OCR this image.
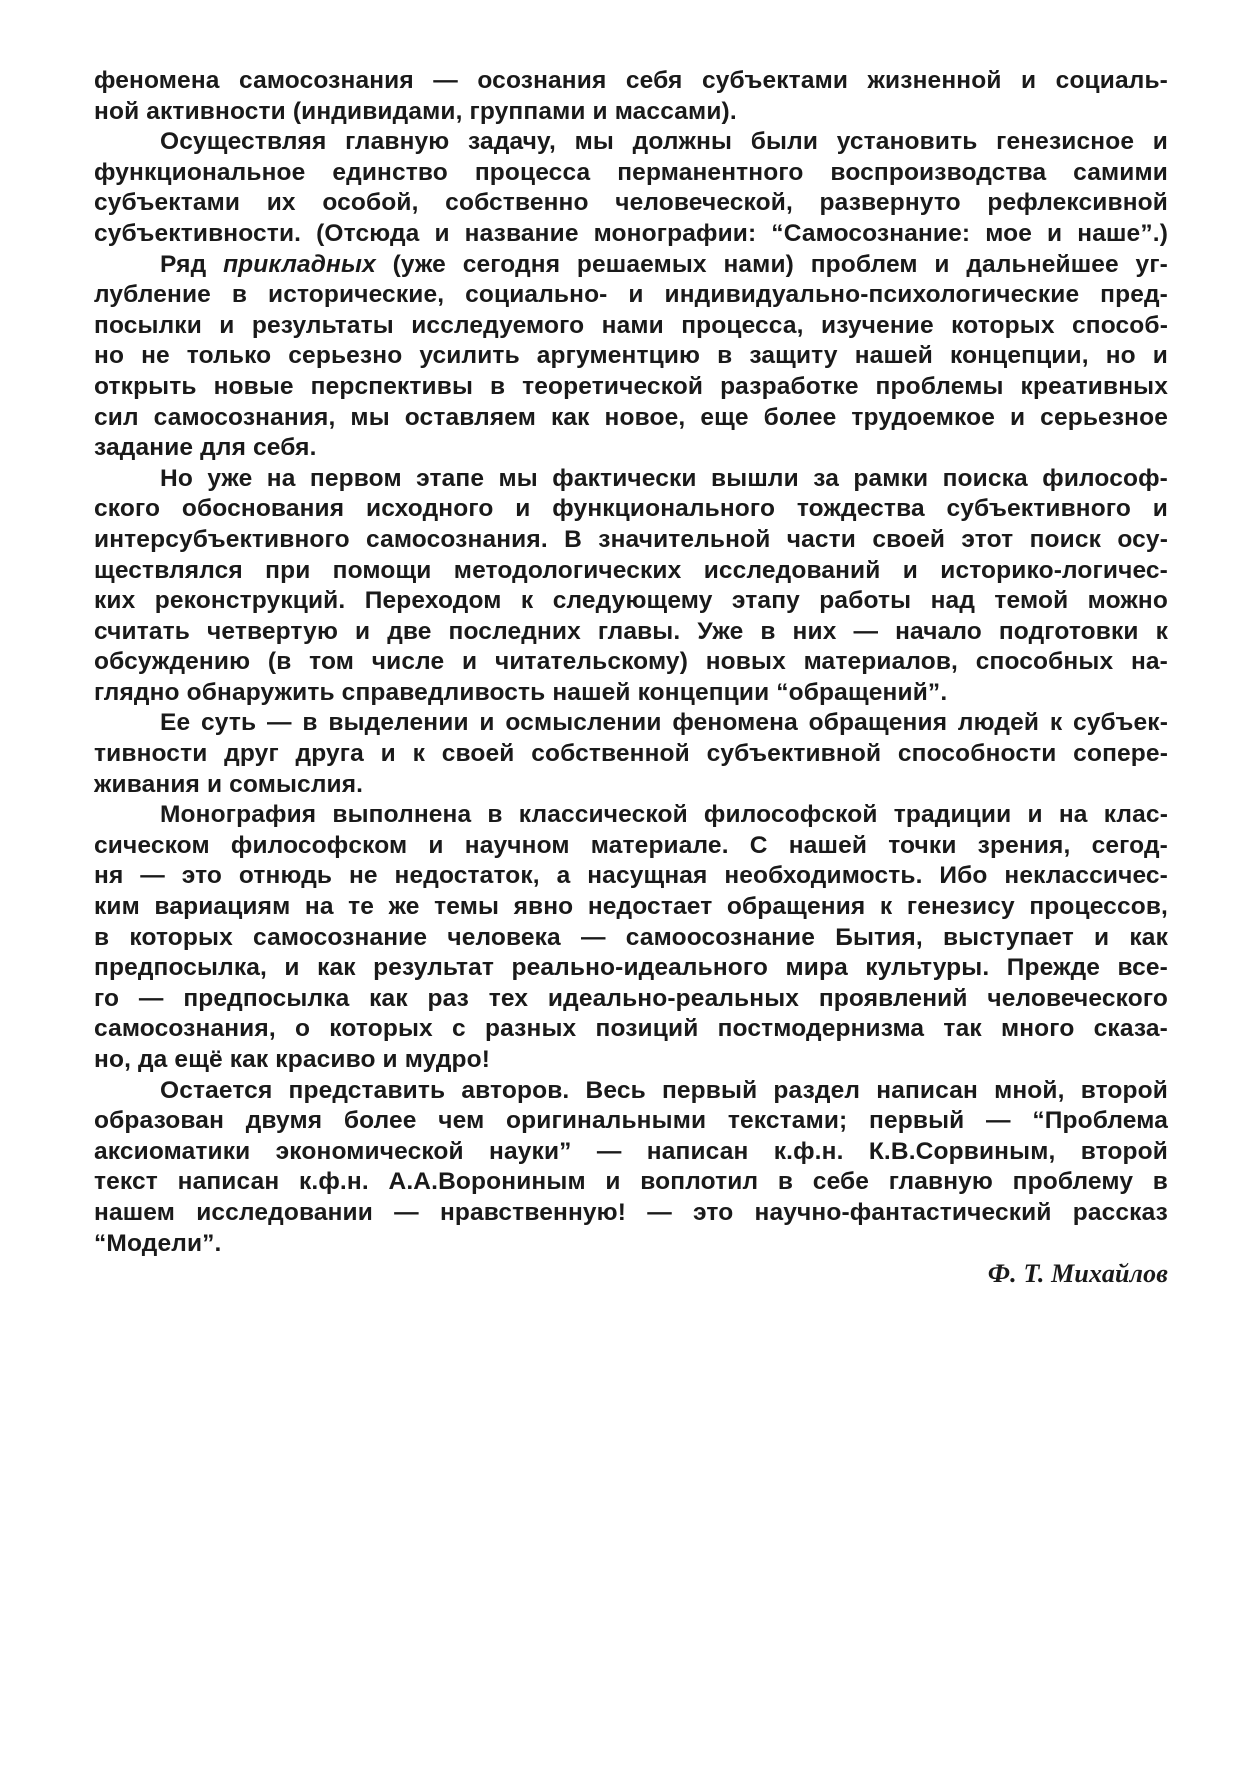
феномена самосознания — осознания себя субъектами жизненной и социаль-
ной активности (индивидами, группами и массами).
Осуществляя главную задачу, мы должны были установить генезисное и
функциональное единство процесса перманентного воспроизводства самими
субъектами их особой, собственно человеческой, развернуто рефлексивной
субъективности. (Отсюда и название монографии: “Самосознание: мое и наше”.)
Ряд прикладных (уже сегодня решаемых нами) проблем и дальнейшее уг-
лубление в исторические, социально- и индивидуально-психологические пред-
посылки и результаты исследуемого нами процесса, изучение которых способ-
но не только серьезно усилить аргументцию в защиту нашей концепции, но и
открыть новые перспективы в теоретической разработке проблемы креативных
сил самосознания, мы оставляем как новое, еще более трудоемкое и серьезное
задание для себя.
Но уже на первом этапе мы фактически вышли за рамки поиска философ-
ского обоснования исходного и функционального тождества субъективного и
интерсубъективного самосознания. В значительной части своей этот поиск осу-
ществлялся при помощи методологических исследований и историко-логичес-
ких реконструкций. Переходом к следующему этапу работы над темой можно
считать четвертую и две последних главы. Уже в них — начало подготовки к
обсуждению (в том числе и читательскому) новых материалов, способных на-
глядно обнаружить справедливость нашей концепции “обращений”.
Ее суть — в выделении и осмыслении феномена обращения людей к субъек-
тивности друг друга и к своей собственной субъективной способности сопере-
живания и сомыслия.
Монография выполнена в классической философской традиции и на клас-
сическом философском и научном материале. С нашей точки зрения, сегод-
ня — это отнюдь не недостаток, а насущная необходимость. Ибо неклассичес-
ким вариациям на те же темы явно недостает обращения к генезису процессов,
в которых самосознание человека — самоосознание Бытия, выступает и как
предпосылка, и как результат реально-идеального мира культуры. Прежде все-
го — предпосылка как раз тех идеально-реальных проявлений человеческого
самосознания, о которых с разных позиций постмодернизма так много сказа-
но, да ещё как красиво и мудро!
Остается представить авторов. Весь первый раздел написан мной, второй
образован двумя более чем оригинальными текстами; первый — “Проблема
аксиоматики экономической науки” — написан к.ф.н. К.В.Сорвиным, второй
текст написан к.ф.н. А.А.Ворониным и воплотил в себе главную проблему в
нашем исследовании — нравственную! — это научно-фантастический рассказ
“Модели”.
Ф. Т. Михайлов
